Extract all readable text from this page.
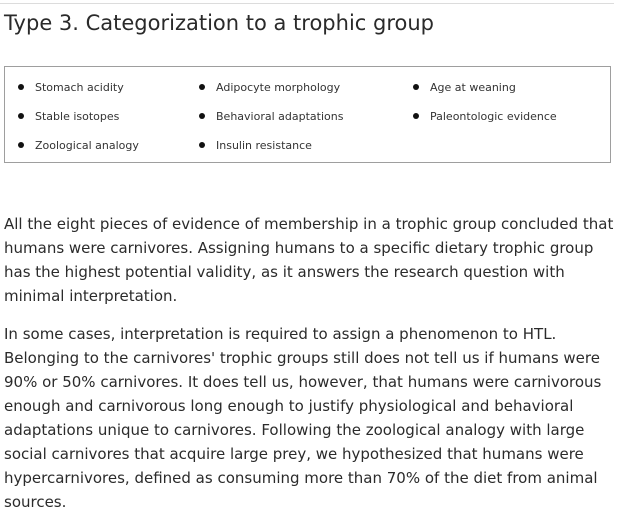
Type 3. Categorization to a trophic group
Stomach acidity	Adipocyte morphology	Age at weaning
Stable isotopes	Behavioral adaptations	Paleontologic evidence
Zoological analogy	Insulin resistance

All the eight pieces of evidence of membership in a trophic group concluded that
humans were carnivores. Assigning humans to a specific dietary trophic group
has the highest potential validity, as it answers the research question with
minimal interpretation.

In some cases, interpretation is required to assign a phenomenon to HTL.
Belonging to the carnivores' trophic groups still does not tell us if humans were
90% or 50% carnivores. It does tell us, however, that humans were carnivorous
enough and carnivorous long enough to justify physiological and behavioral
adaptations unique to carnivores. Following the zoological analogy with large
social carnivores that acquire large prey, we hypothesized that humans were
hypercarnivores, defined as consuming more than 70% of the diet from animal
sources.
